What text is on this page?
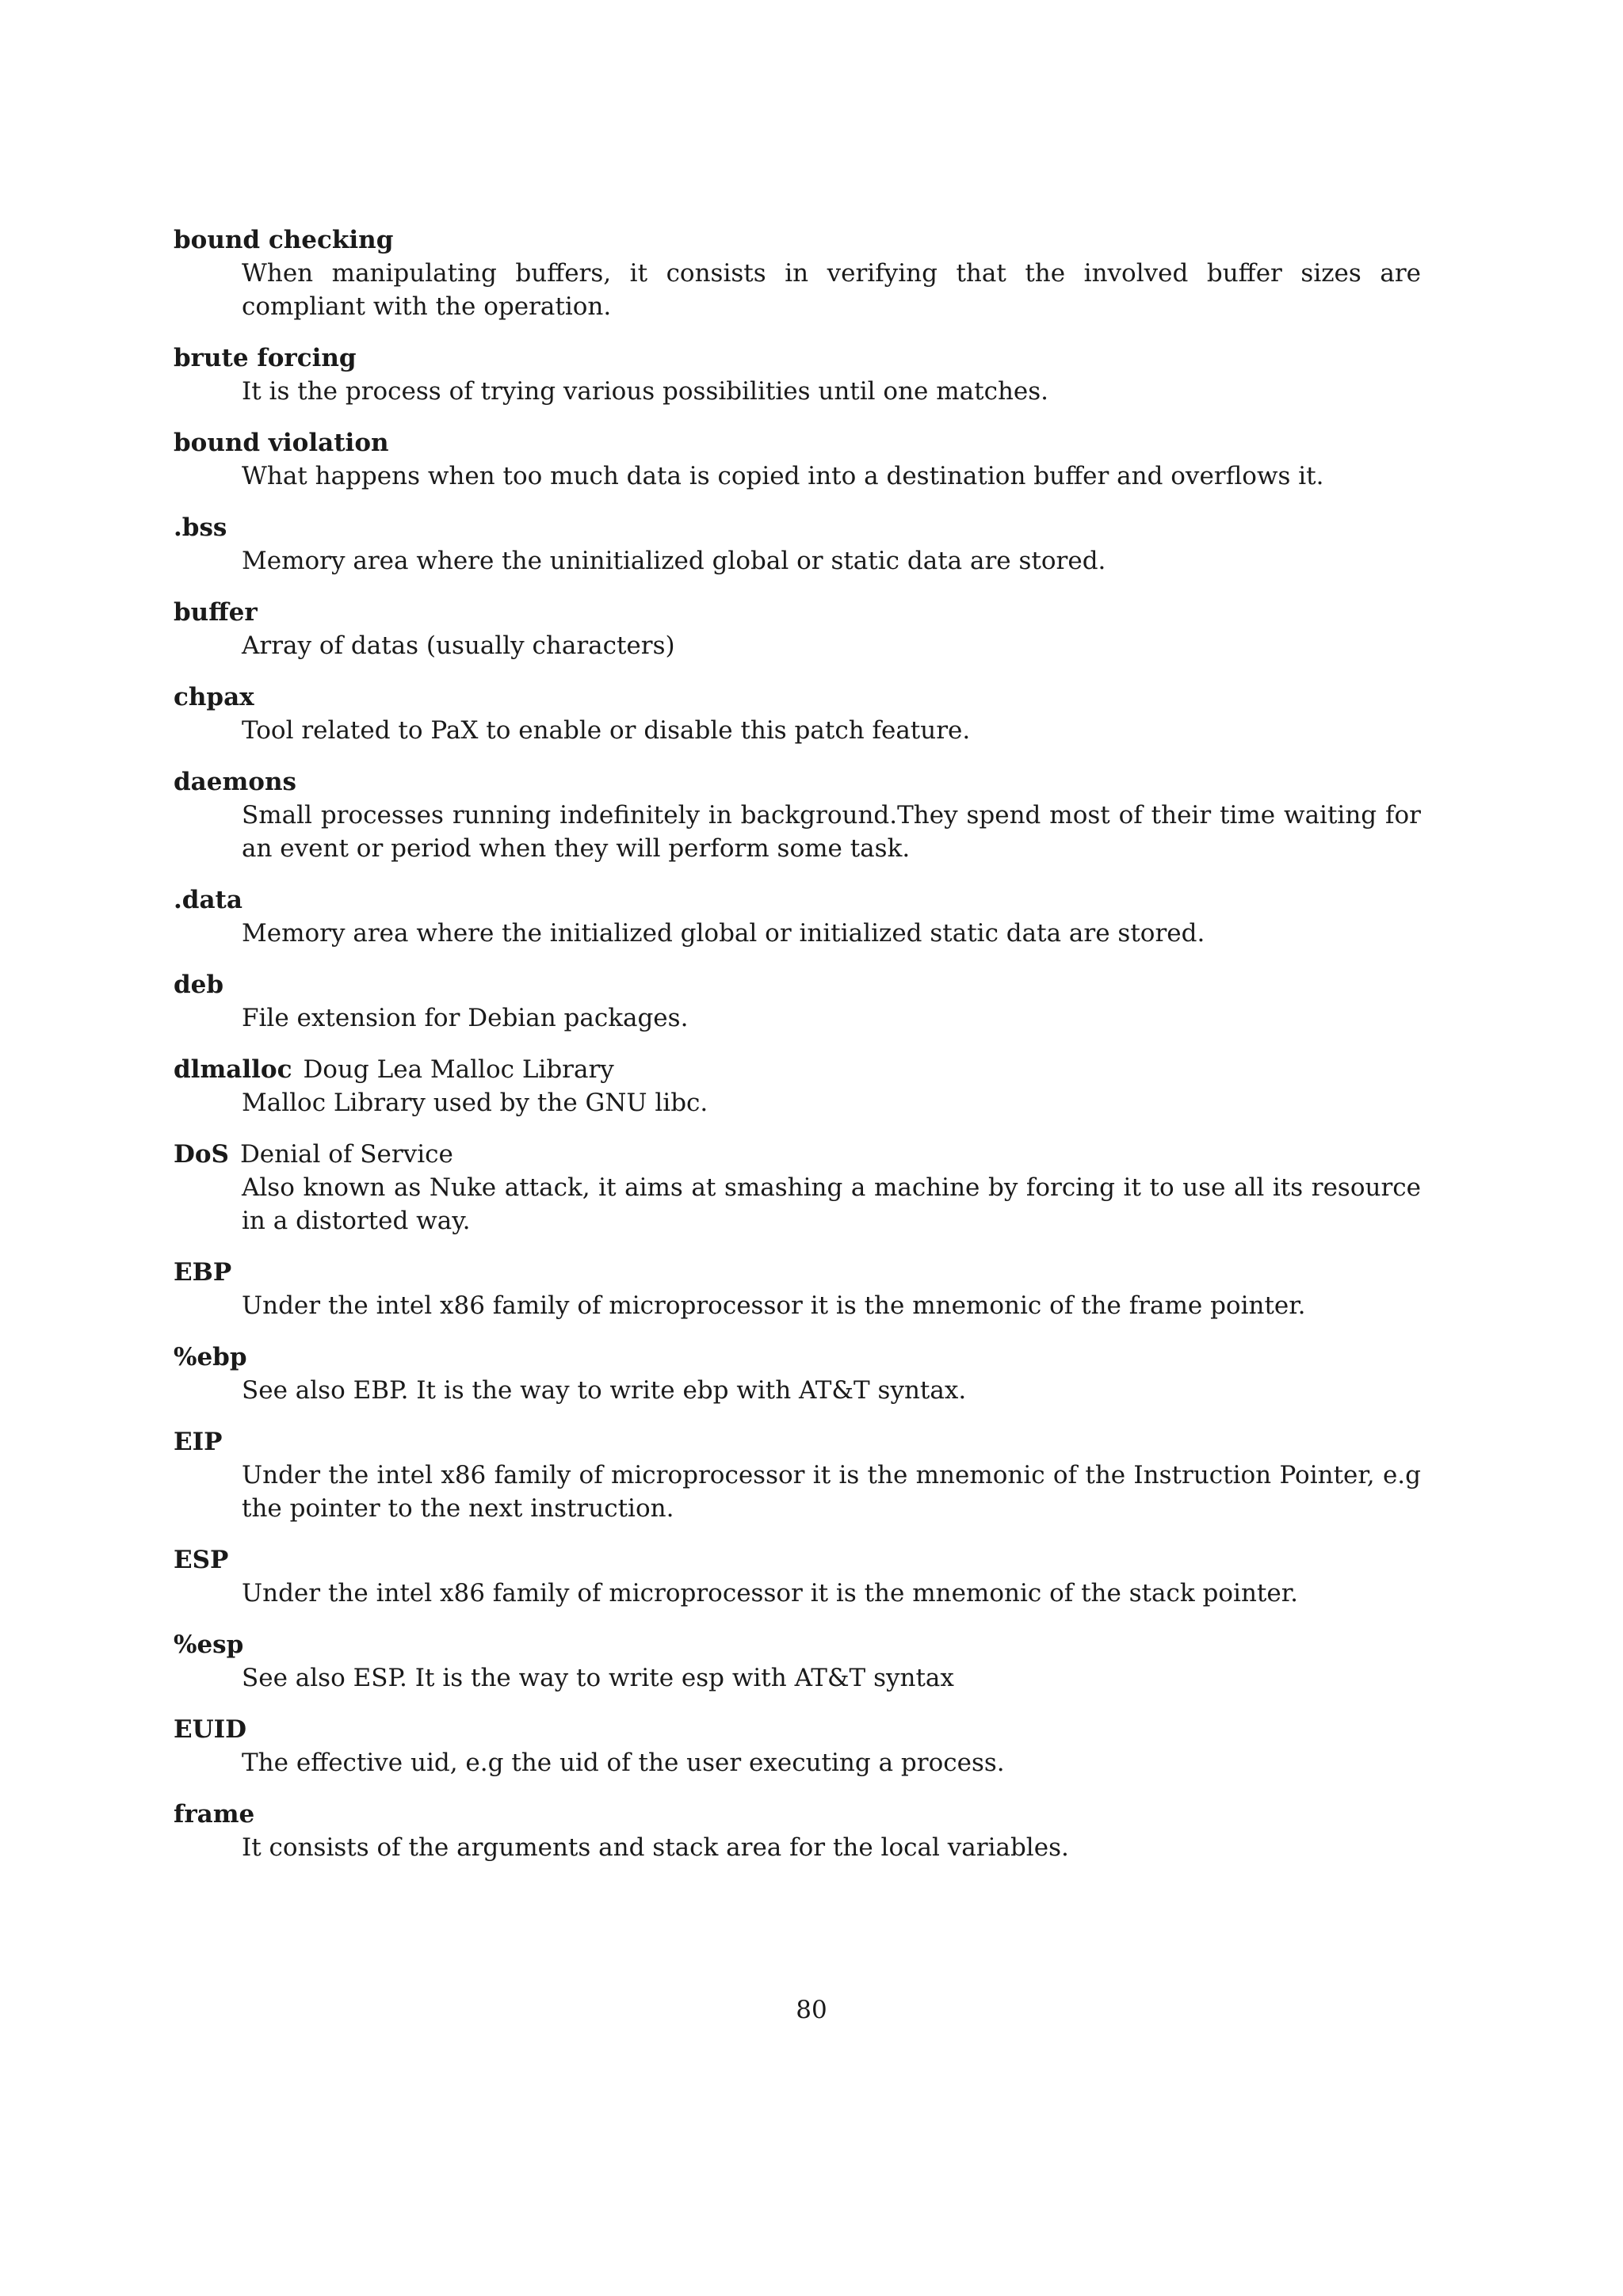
bound checking
When manipulating buffers, it consists in verifying that the involved buffer sizes are compliant with the operation.
brute forcing
It is the process of trying various possibilities until one matches.
bound violation
What happens when too much data is copied into a destination buffer and overflows it.
.bss
Memory area where the uninitialized global or static data are stored.
buffer
Array of datas (usually characters)
chpax
Tool related to PaX to enable or disable this patch feature.
daemons
Small processes running indefinitely in background.They spend most of their time waiting for an event or period when they will perform some task.
.data
Memory area where the initialized global or initialized static data are stored.
deb
File extension for Debian packages.
dlmalloc Doug Lea Malloc Library
Malloc Library used by the GNU libc.
DoS Denial of Service
Also known as Nuke attack, it aims at smashing a machine by forcing it to use all its resource in a distorted way.
EBP
Under the intel x86 family of microprocessor it is the mnemonic of the frame pointer.
%ebp
See also EBP. It is the way to write ebp with AT&T syntax.
EIP
Under the intel x86 family of microprocessor it is the mnemonic of the Instruction Pointer, e.g the pointer to the next instruction.
ESP
Under the intel x86 family of microprocessor it is the mnemonic of the stack pointer.
%esp
See also ESP. It is the way to write esp with AT&T syntax
EUID
The effective uid, e.g the uid of the user executing a process.
frame
It consists of the arguments and stack area for the local variables.
80
